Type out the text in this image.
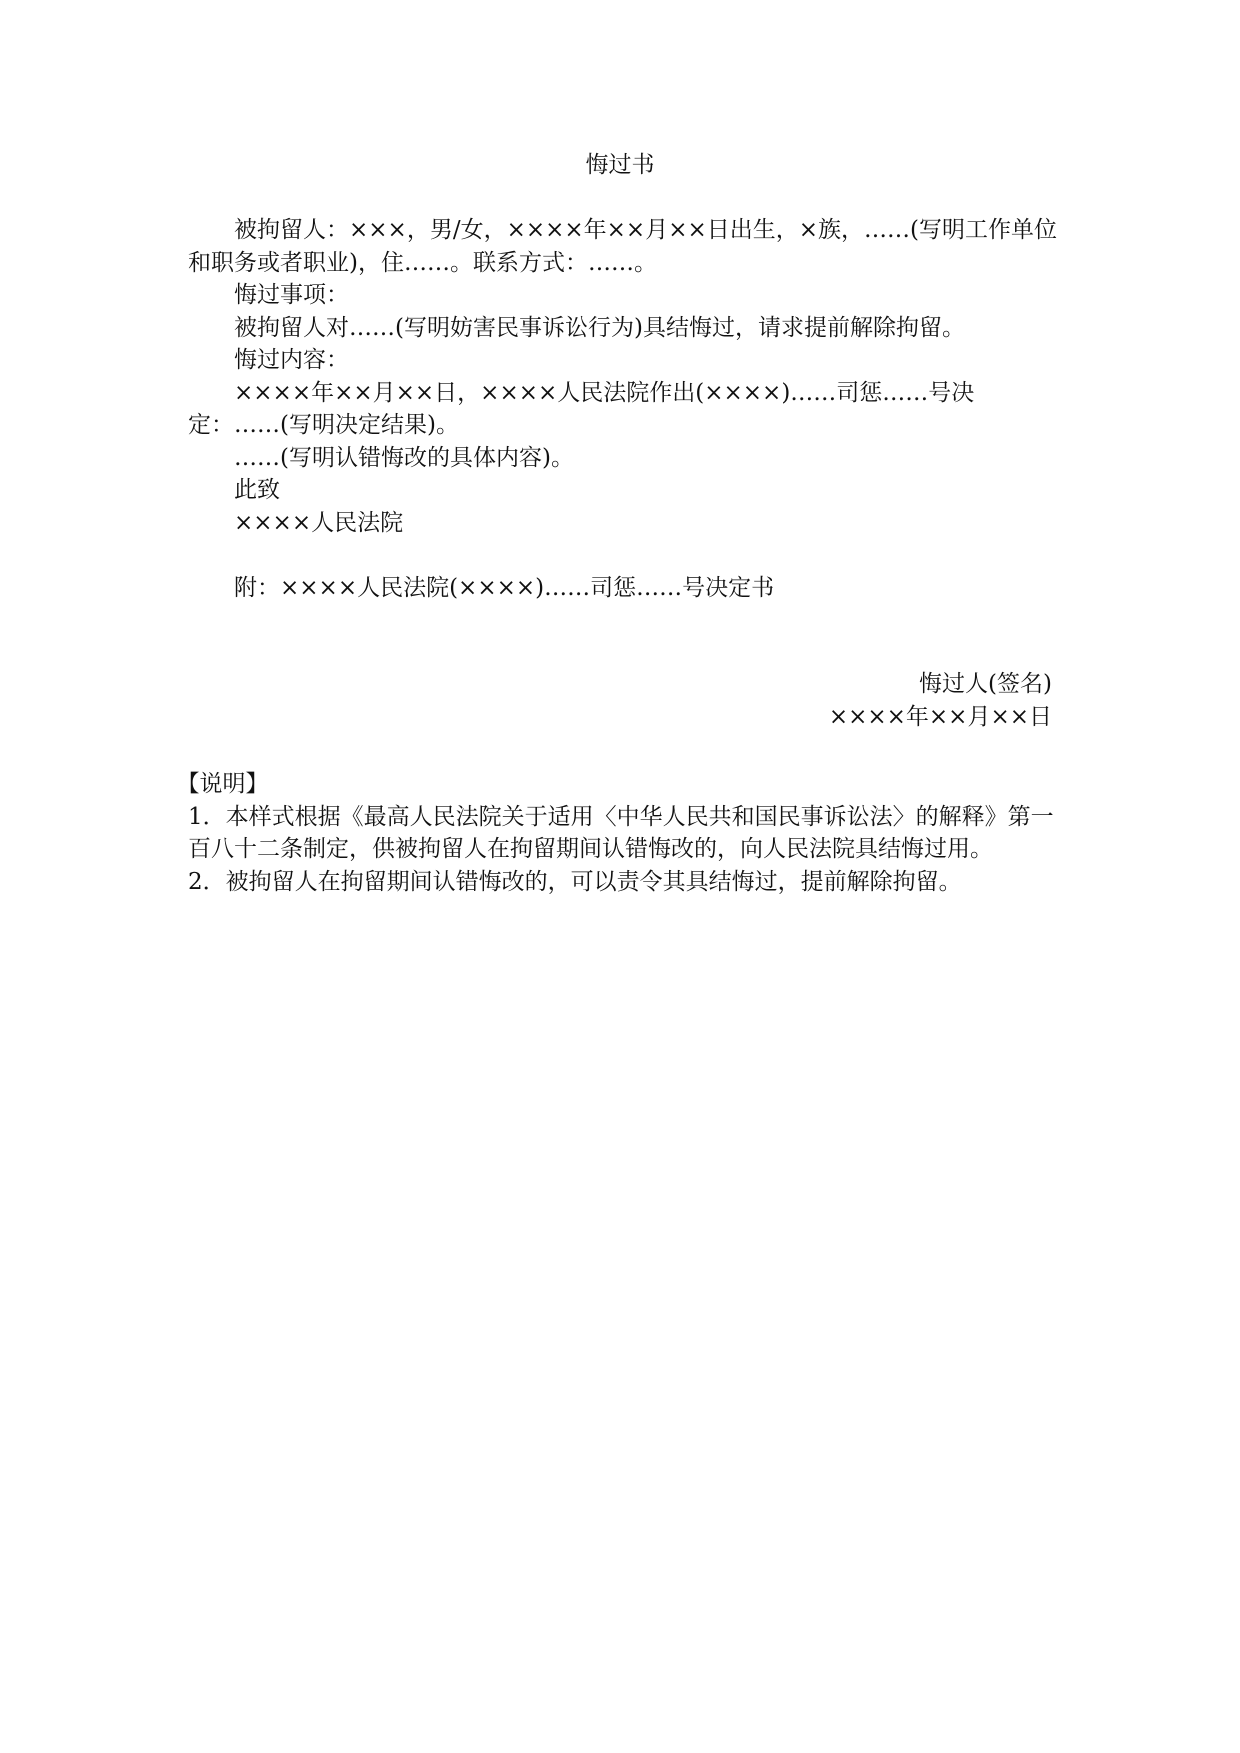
悔过书

被拘留人：×××，男/女，××××年××月××日出生，×族，……(写明工作单位和职务或者职业)，住……。联系方式：……。

悔过事项：

被拘留人对……(写明妨害民事诉讼行为)具结悔过，请求提前解除拘留。

悔过内容：

××××年××月××日，××××人民法院作出(××××)……司惩……号决定：……(写明决定结果)。

……(写明认错悔改的具体内容)。

此致

××××人民法院

附：××××人民法院(××××)……司惩……号决定书

悔过人(签名)
××××年××月××日
【说明】

1．本样式根据《最高人民法院关于适用〈中华人民共和国民事诉讼法〉的解释》第一百八十二条制定，供被拘留人在拘留期间认错悔改的，向人民法院具结悔过用。

2．被拘留人在拘留期间认错悔改的，可以责令其具结悔过，提前解除拘留。
